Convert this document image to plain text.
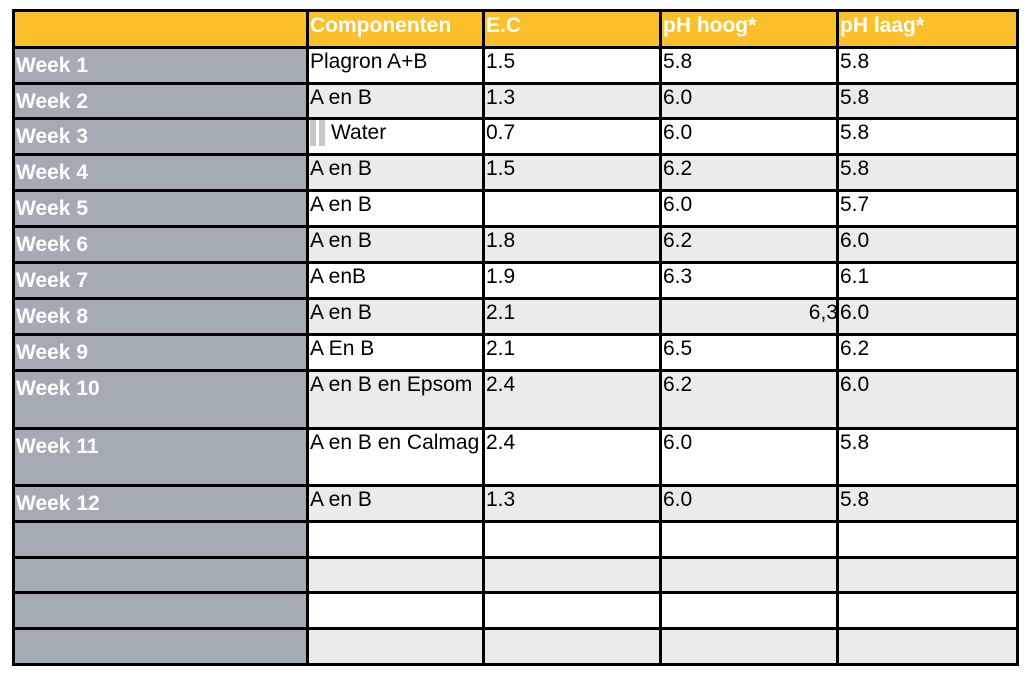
	Componenten	E.C	pH hoog*	pH laag*
Week 1	Plagron A+B	1.5	5.8	5.8
Week 2	A en B	1.3	6.0	5.8
Week 3	Water	0.7	6.0	5.8
Week 4	A en B	1.5	6.2	5.8
Week 5	A en B		6.0	5.7
Week 6	A en B	1.8	6.2	6.0
Week 7	A enB	1.9	6.3	6.1
Week 8	A en B	2.1	6,3	6.0
Week 9	A En B	2.1	6.5	6.2
Week 10	A en B en Epsom	2.4	6.2	6.0
Week 11	A en B en Calmag	2.4	6.0	5.8
Week 12	A en B	1.3	6.0	5.8
